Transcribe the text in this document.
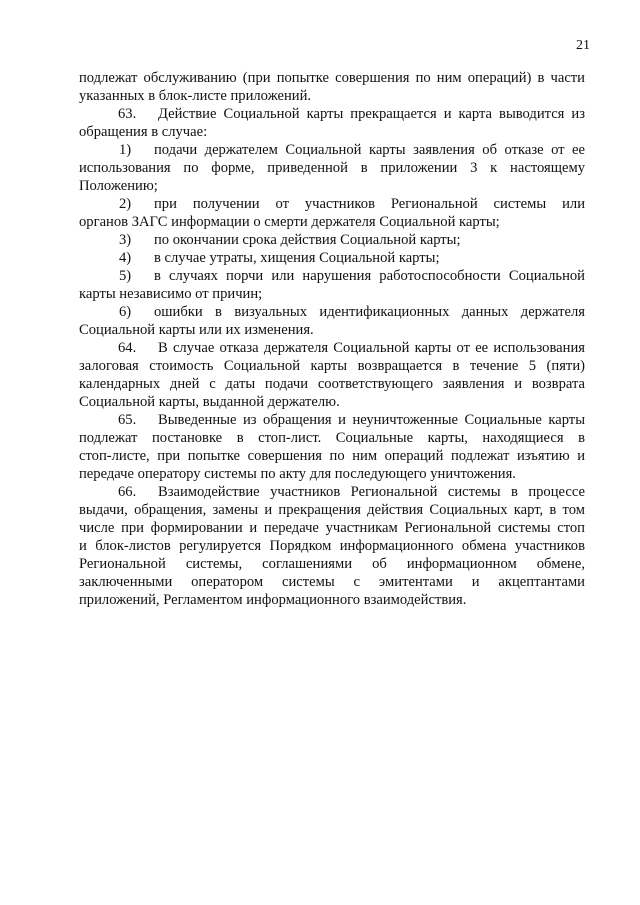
21
подлежат обслуживанию (при попытке совершения по ним операций) в части
указанных в блок-листе приложений.
63. Действие Социальной карты прекращается и карта выводится из
обращения в случае:
1) подачи держателем Социальной карты заявления об отказе от ее
использования по форме, приведенной в приложении 3 к настоящему
Положению;
2) при получении от участников Региональной системы или
органов ЗАГС информации о смерти держателя Социальной карты;
3) по окончании срока действия Социальной карты;
4) в случае утраты, хищения Социальной карты;
5) в случаях порчи или нарушения работоспособности Социальной
карты независимо от причин;
6) ошибки в визуальных идентификационных данных держателя
Социальной карты или их изменения.
64. В случае отказа держателя Социальной карты от ее использования
залоговая стоимость Социальной карты возвращается в течение 5 (пяти)
календарных дней с даты подачи соответствующего заявления и возврата
Социальной карты, выданной держателю.
65. Выведенные из обращения и неуничтоженные Социальные карты
подлежат постановке в стоп-лист. Социальные карты, находящиеся в
стоп-листе, при попытке совершения по ним операций подлежат изъятию и
передаче оператору системы по акту для последующего уничтожения.
66. Взаимодействие участников Региональной системы в процессе
выдачи, обращения, замены и прекращения действия Социальных карт, в том
числе при формировании и передаче участникам Региональной системы стоп
и блок-листов регулируется Порядком информационного обмена участников
Региональной системы, соглашениями об информационном обмене,
заключенными оператором системы с эмитентами и акцептантами
приложений, Регламентом информационного взаимодействия.
